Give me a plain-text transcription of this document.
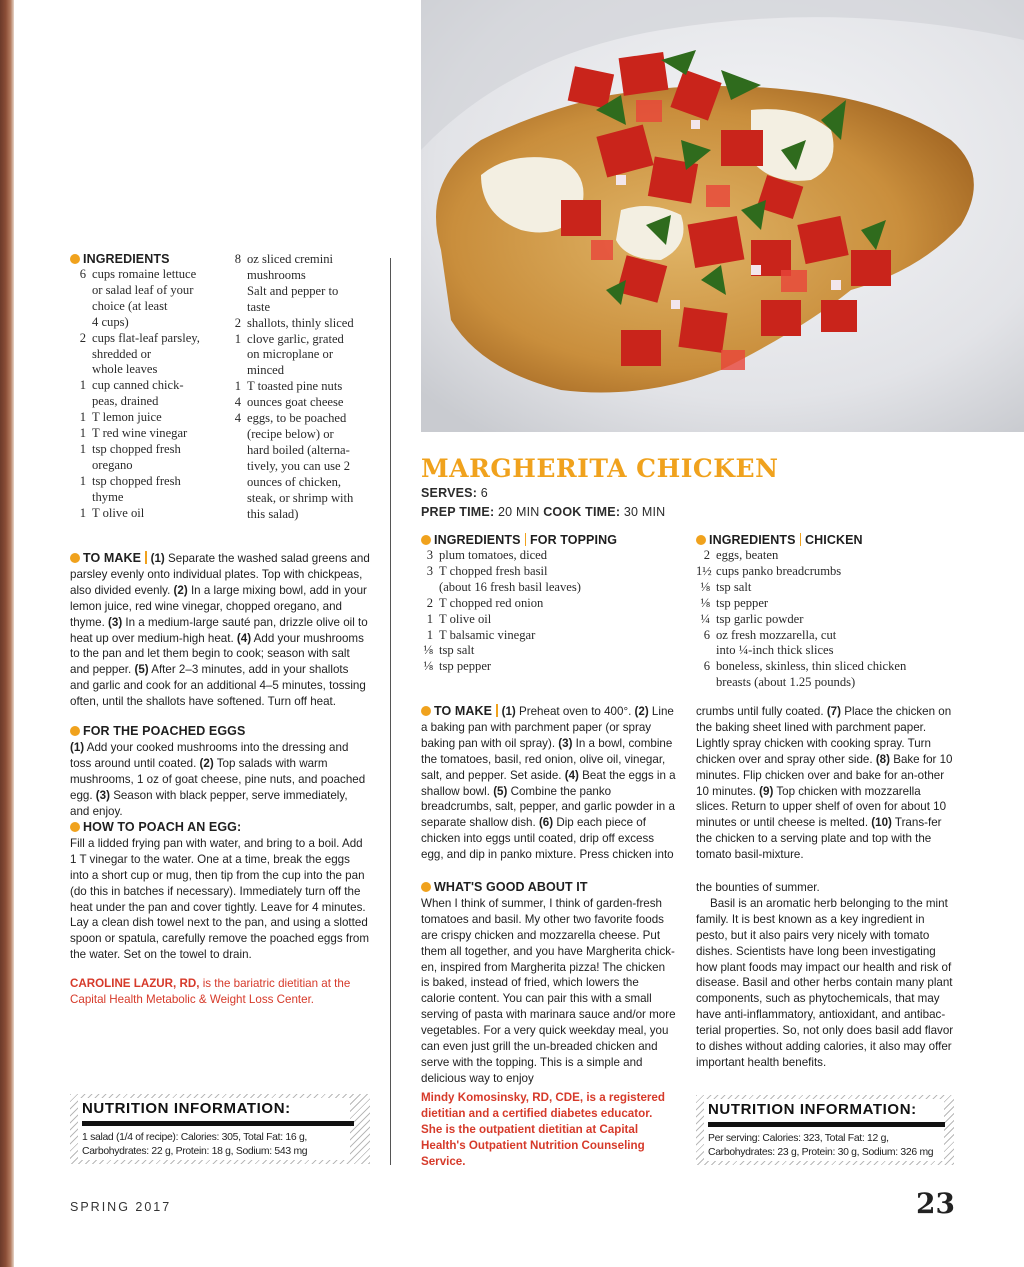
INGREDIENTS
6 cups romaine lettuce
or salad leaf of your
choice (at least
4 cups)
2 cups flat-leaf parsley,
shredded or
whole leaves
1 cup canned chick-
peas, drained
1 T lemon juice
1 T red wine vinegar
1 tsp chopped fresh
oregano
1 tsp chopped fresh
thyme
1 T olive oil
8 oz sliced cremini
mushrooms
Salt and pepper to
taste
2 shallots, thinly sliced
1 clove garlic, grated
on microplane or
minced
1 T toasted pine nuts
4 ounces goat cheese
4 eggs, to be poached
(recipe below) or
hard boiled (alterna-
tively, you can use 2
ounces of chicken,
steak, or shrimp with
this salad)

TO MAKE (1) Separate the washed salad greens and parsley evenly onto individual plates. Top with chickpeas, also divided evenly. (2) In a large mixing bowl, add in your lemon juice, red wine vinegar, chopped oregano, and thyme. (3) In a medium-large sauté pan, drizzle olive oil to heat up over medium-high heat. (4) Add your mushrooms to the pan and let them begin to cook; season with salt and pepper. (5) After 2–3 minutes, add in your shallots and garlic and cook for an additional 4–5 minutes, tossing often, until the shallots have softened. Turn off heat.

FOR THE POACHED EGGS

(1) Add your cooked mushrooms into the dressing and toss around until coated. (2) Top salads with warm mushrooms, 1 oz of goat cheese, pine nuts, and poached egg. (3) Season with black pepper, serve immediately, and enjoy.

HOW TO POACH AN EGG:

Fill a lidded frying pan with water, and bring to a boil. Add 1 T vinegar to the water. One at a time, break the eggs into a short cup or mug, then tip from the cup into the pan (do this in batches if necessary). Immediately turn off the heat under the pan and cover tightly. Leave for 4 minutes. Lay a clean dish towel next to the pan, and using a slotted spoon or spatula, carefully remove the poached eggs from the water. Set on the towel to drain.

CAROLINE LAZUR, RD, is the bariatric dietitian at the Capital Health Metabolic & Weight Loss Center.

NUTRITION INFORMATION:
1 salad (1/4 of recipe): Calories: 305, Total Fat: 16 g,
Carbohydrates: 22 g, Protein: 18 g, Sodium: 543 mg
MARGHERITA CHICKEN
SERVES: 6
PREP TIME: 20 MIN COOK TIME: 30 MIN
INGREDIENTS FOR TOPPING
3 plum tomatoes, diced
3 T chopped fresh basil
(about 16 fresh basil leaves)
2 T chopped red onion
1 T olive oil
1 T balsamic vinegar
⅛ tsp salt
⅛ tsp pepper
INGREDIENTS CHICKEN
2 eggs, beaten
1½ cups panko breadcrumbs
⅛ tsp salt
⅛ tsp pepper
¼ tsp garlic powder
6 oz fresh mozzarella, cut
into ¼-inch thick slices
6 boneless, skinless, thin sliced chicken
breasts (about 1.25 pounds)

TO MAKE (1) Preheat oven to 400°. (2) Line a baking pan with parchment paper (or spray baking pan with oil spray). (3) In a bowl, combine the tomatoes, basil, red onion, olive oil, vinegar, salt, and pepper. Set aside. (4) Beat the eggs in a shallow bowl. (5) Combine the panko breadcrumbs, salt, pepper, and garlic powder in a separate shallow dish. (6) Dip each piece of chicken into eggs until coated, drip off excess egg, and dip in panko mixture. Press chicken into

crumbs until fully coated. (7) Place the chicken on the baking sheet lined with parchment paper. Lightly spray chicken with cooking spray. Turn chicken over and spray other side. (8) Bake for 10 minutes. Flip chicken over and bake for an-other 10 minutes. (9) Top chicken with mozzarella slices. Return to upper shelf of oven for about 10 minutes or until cheese is melted. (10) Trans-fer the chicken to a serving plate and top with the tomato basil-mixture.

WHAT'S GOOD ABOUT IT

When I think of summer, I think of garden-fresh tomatoes and basil. My other two favorite foods are crispy chicken and mozzarella cheese. Put them all together, and you have Margherita chick-en, inspired from Margherita pizza! The chicken is baked, instead of fried, which lowers the calorie content. You can pair this with a small serving of pasta with marinara sauce and/or more vegetables. For a very quick weekday meal, you can even just grill the un-breaded chicken and serve with the topping. This is a simple and delicious way to enjoy

the bounties of summer.

Basil is an aromatic herb belonging to the mint family. It is best known as a key ingredient in pesto, but it also pairs very nicely with tomato dishes. Scientists have long been investigating how plant foods may impact our health and risk of disease. Basil and other herbs contain many plant components, such as phytochemicals, that may have anti-inflammatory, antioxidant, and antibac-terial properties. So, not only does basil add flavor to dishes without adding calories, it also may offer important health benefits.

Mindy Komosinsky, RD, CDE, is a registered dietitian and a certified diabetes educator. She is the outpatient dietitian at Capital Health's Outpatient Nutrition Counseling Service.
NUTRITION INFORMATION:
Per serving: Calories: 323, Total Fat: 12 g,
Carbohydrates: 23 g, Protein: 30 g, Sodium: 326 mg
SPRING 2017	23
